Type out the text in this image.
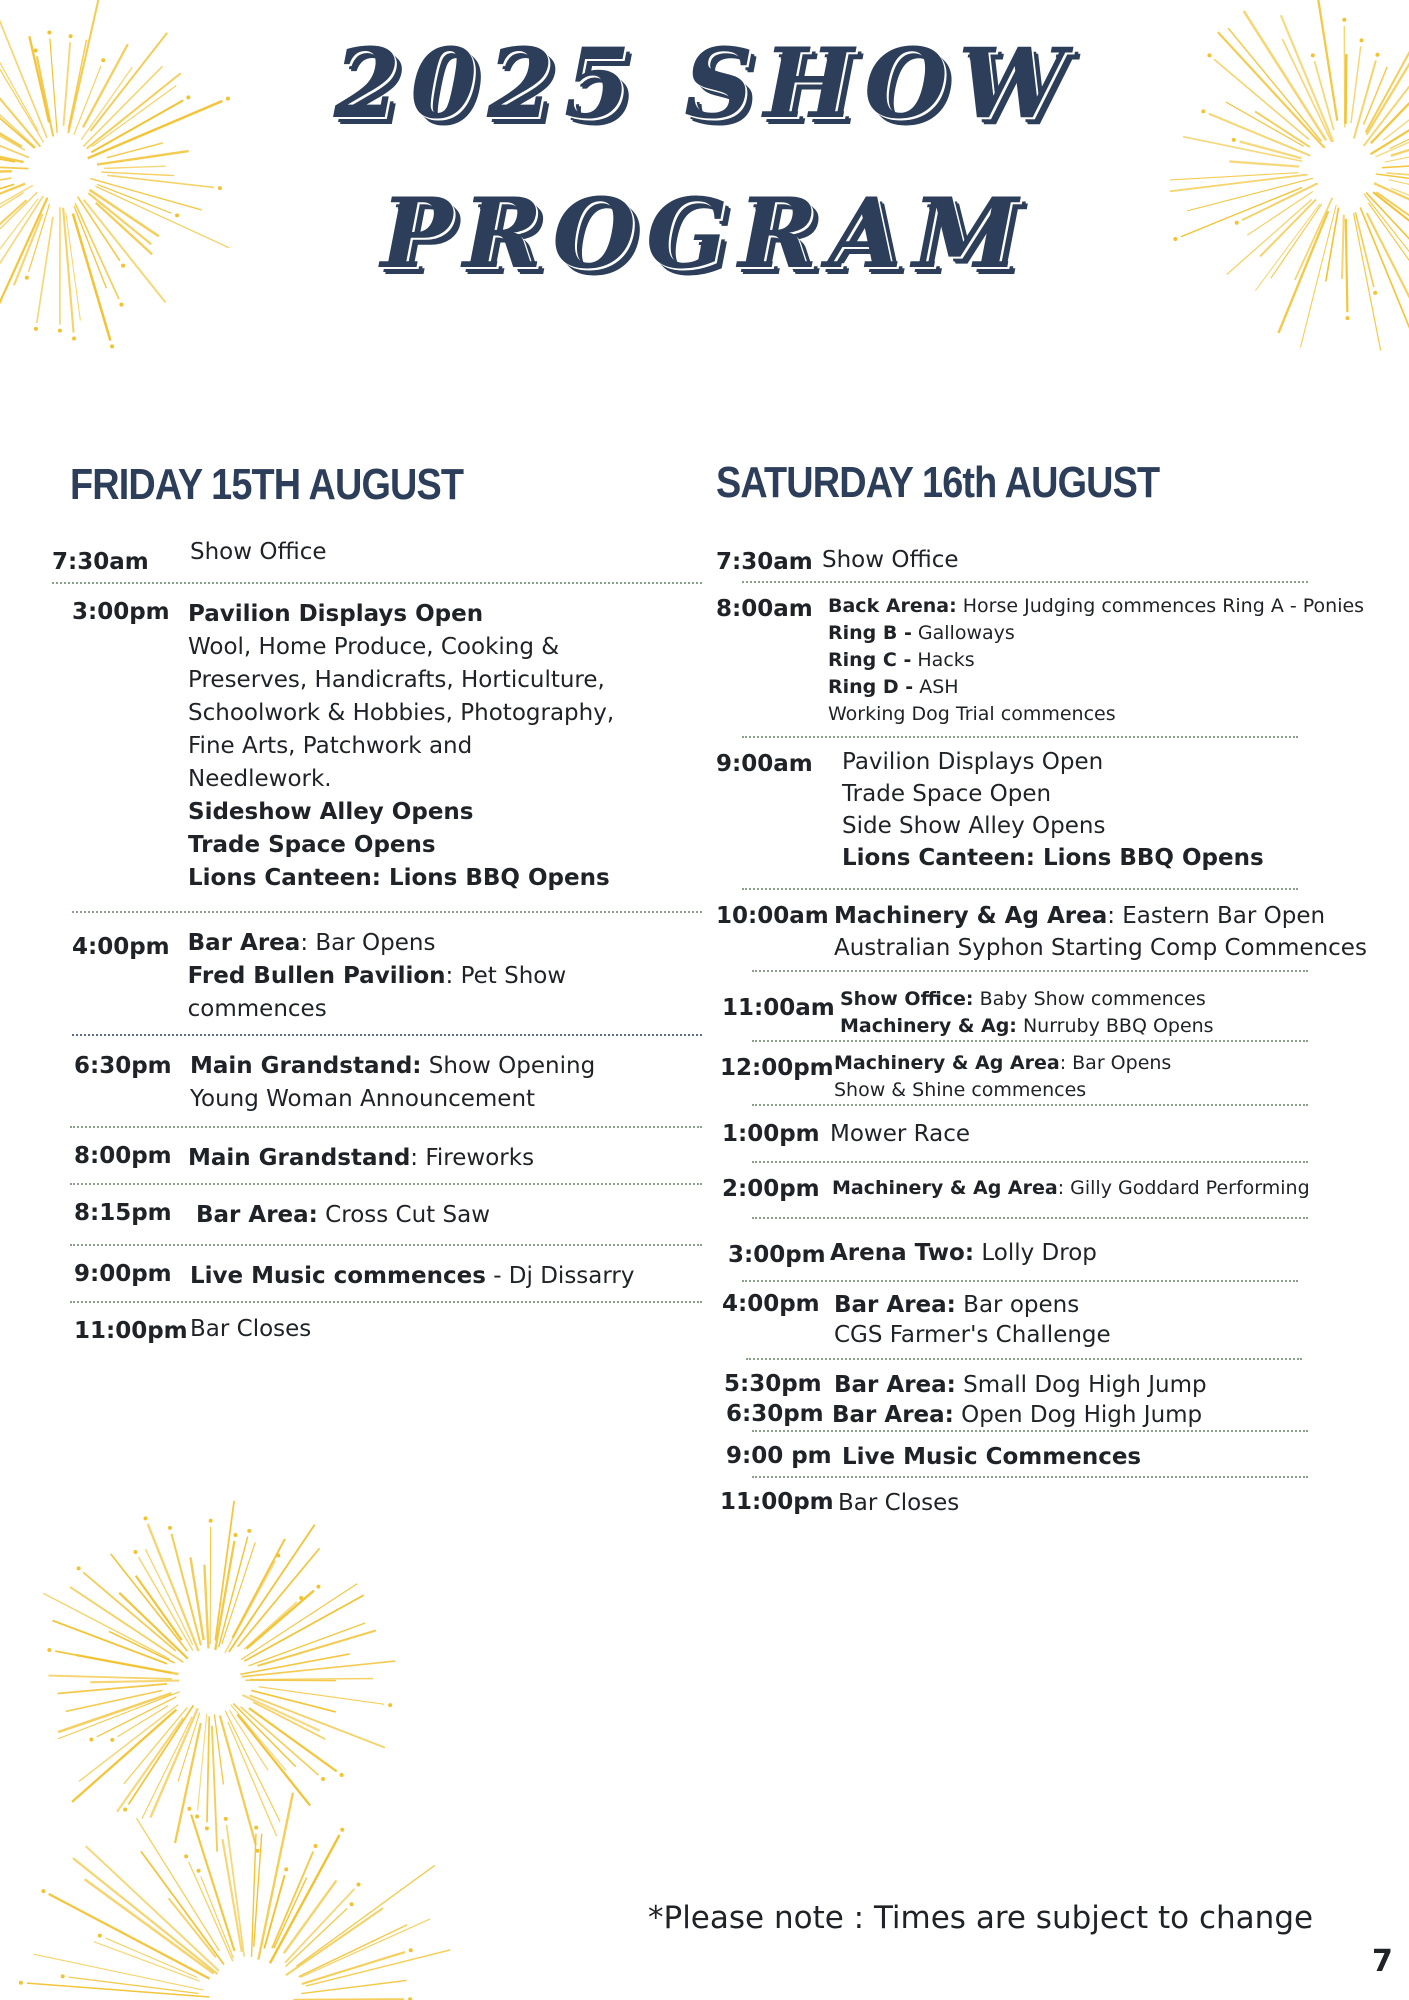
2025 SHOW
PROGRAM
FRIDAY 15TH AUGUST	SATURDAY 16th AUGUST
7:30am	Show Office
3:00pm Pavilion Displays Open
Wool, Home Produce, Cooking &
Preserves, Handicrafts, Horticulture,
Schoolwork & Hobbies, Photography,
Fine Arts, Patchwork and
Needlework.
Sideshow Alley Opens
Trade Space Opens
Lions Canteen: Lions BBQ Opens
4:00pm Bar Area: Bar Opens
Fred Bullen Pavilion: Pet Show commences
6:30pm Main Grandstand: Show Opening
Young Woman Announcement
8:00pm Main Grandstand: Fireworks
8:15pm	Bar Area: Cross Cut Saw
9:00pm Live Music commences - Dj Dissarry
11:00pm Bar Closes
7:30am Show Office
8:00am Back Arena: Horse Judging commences Ring A - Ponies
Ring B - Galloways
Ring C - Hacks
Ring D - ASH
Working Dog Trial commences
9:00am	Pavilion Displays Open
Trade Space Open
Side Show Alley Opens
Lions Canteen: Lions BBQ Opens
10:00am Machinery & Ag Area: Eastern Bar Open
Australian Syphon Starting Comp Commences
11:00am Show Office: Baby Show commences
Machinery & Ag: Nurruby BBQ Opens
12:00pm Machinery & Ag Area: Bar Opens
Show & Shine commences
1:00pm Mower Race
2:00pm Machinery & Ag Area: Gilly Goddard Performing
3:00pm Arena Two: Lolly Drop
4:00pm Bar Area: Bar opens
CGS Farmer's Challenge
5:30pm Bar Area: Small Dog High Jump
6:30pm Bar Area: Open Dog High Jump
9:00 pm Live Music Commences
11:00pm Bar Closes

*Please note : Times are subject to change

7
